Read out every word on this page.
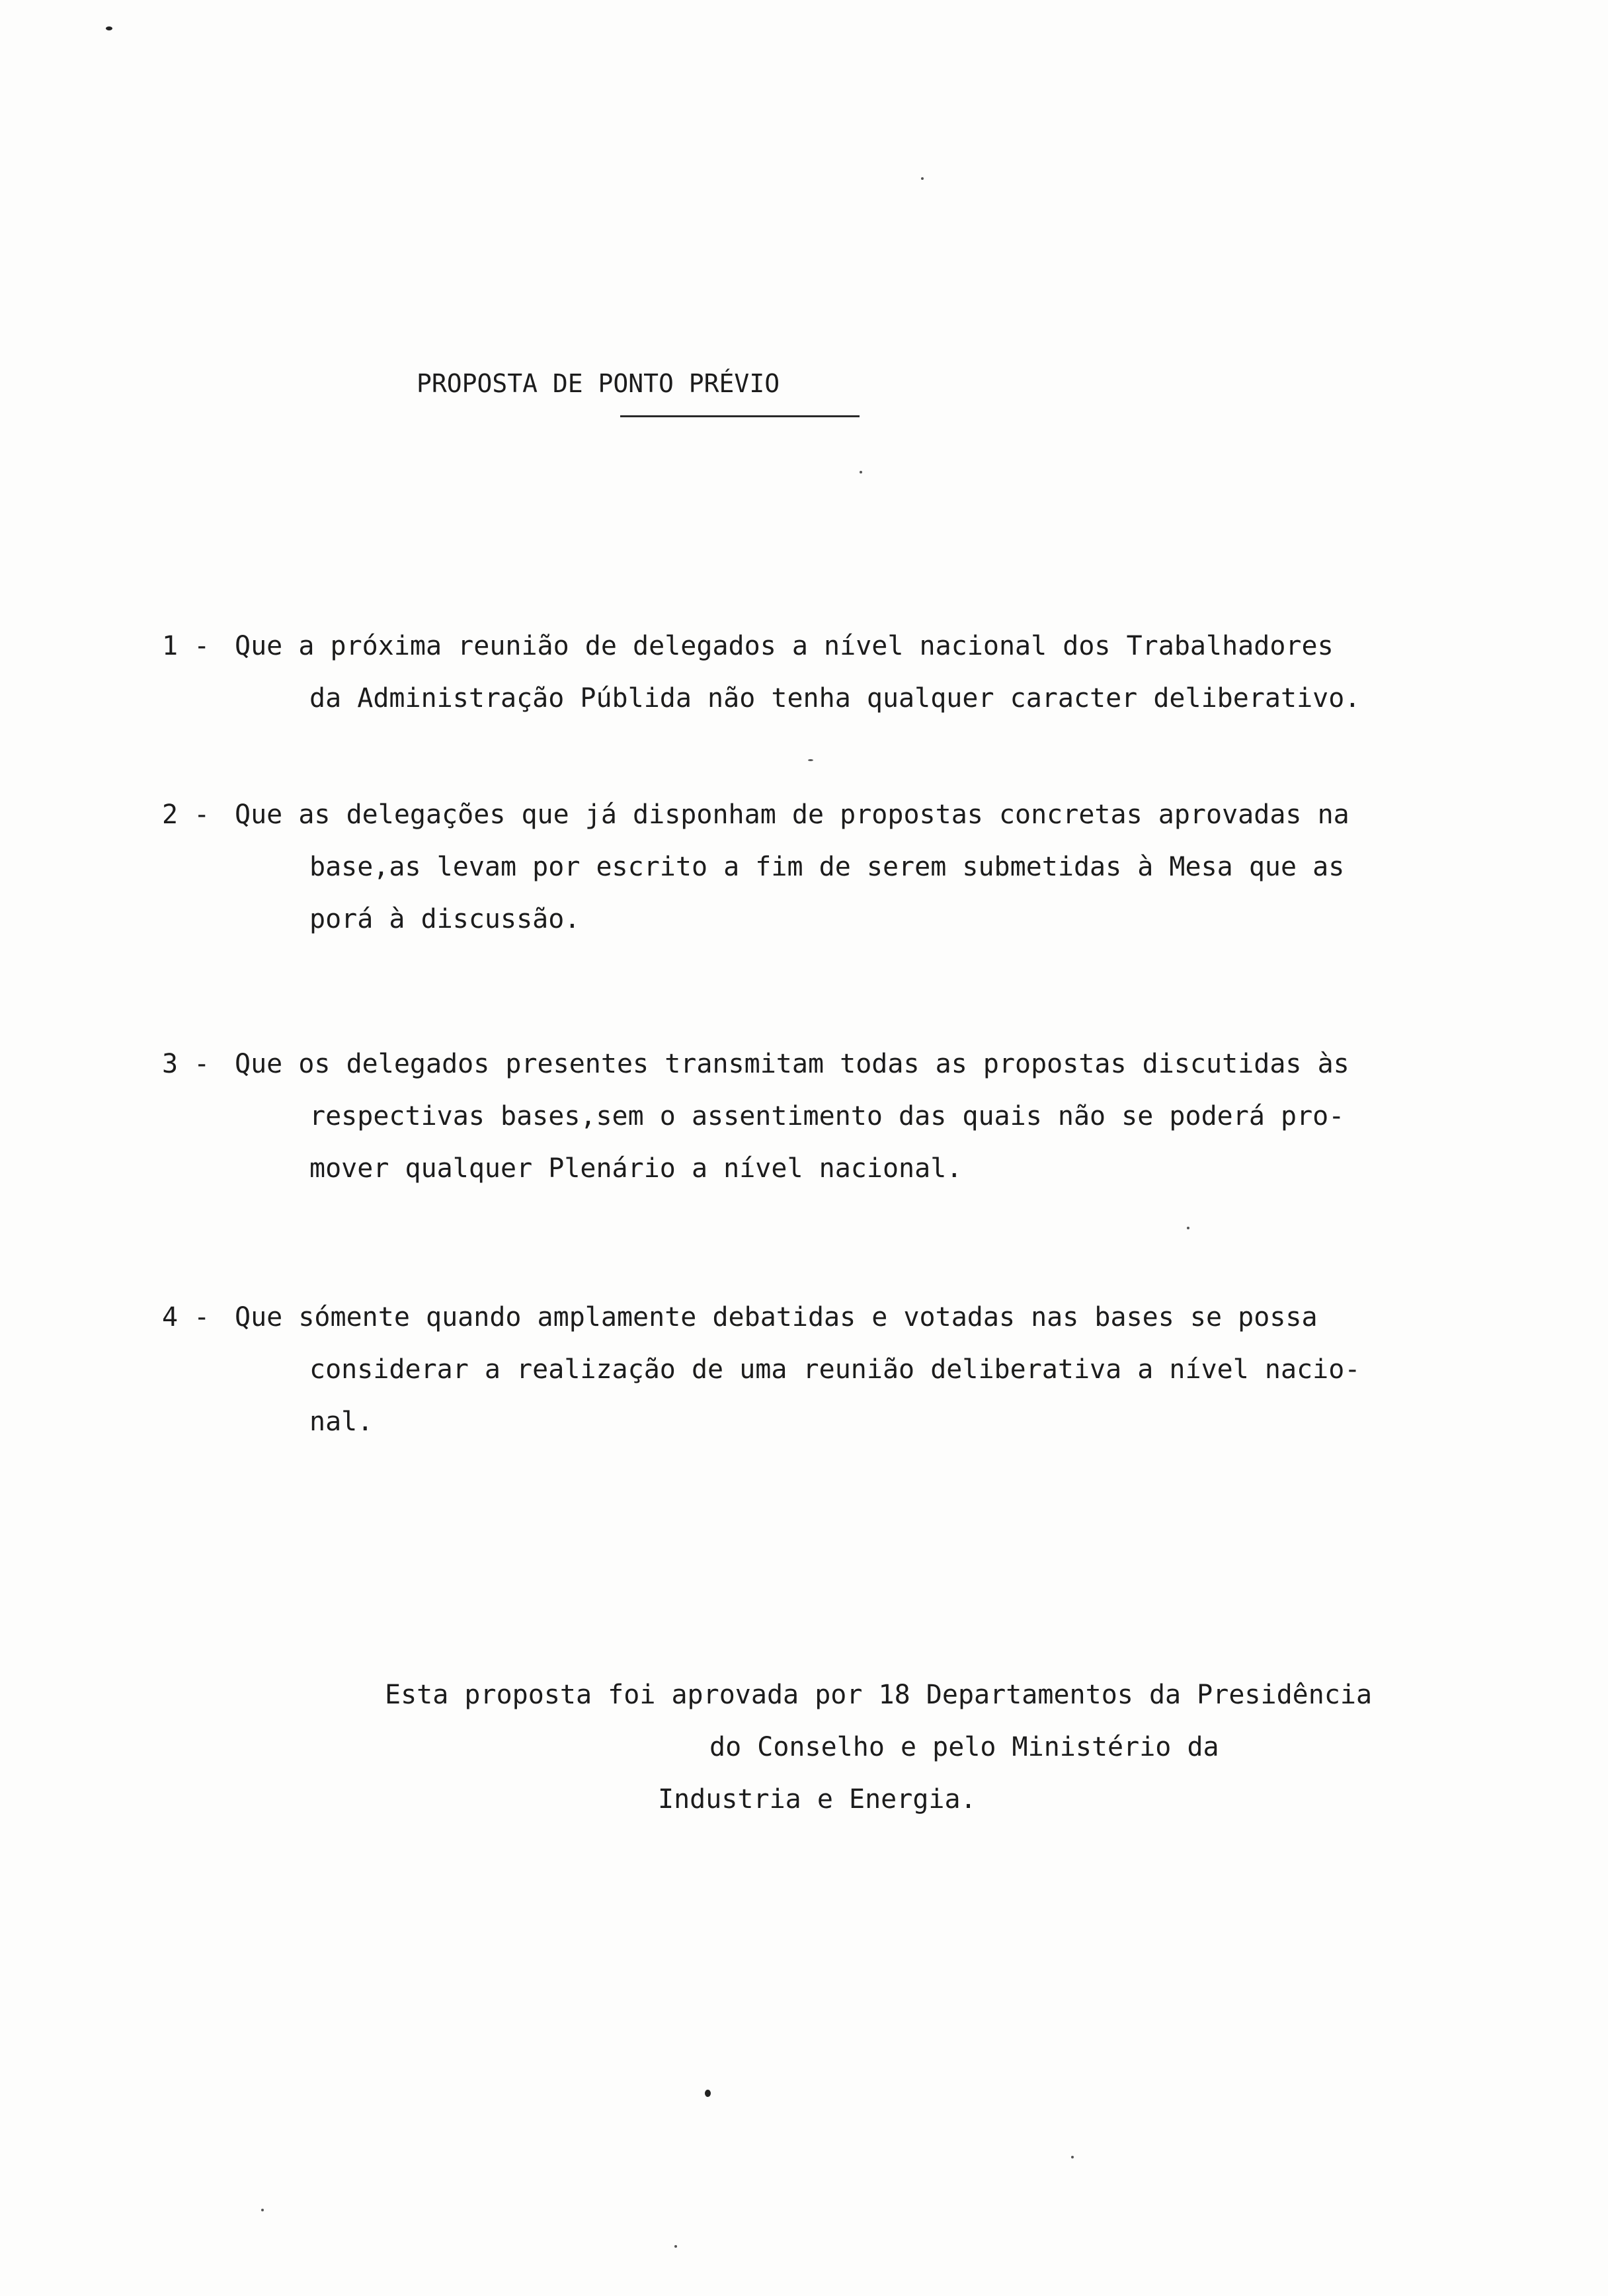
PROPOSTA DE PONTO PRÉVIO
1 - Que a próxima reunião de delegados a nível nacional dos Trabalhadores
da Administração Públida não tenha qualquer caracter deliberativo.
2 - Que as delegações que já disponham de propostas concretas aprovadas na
base,as levam por escrito a fim de serem submetidas à Mesa que as
porá à discussão.
3 - Que os delegados presentes transmitam todas as propostas discutidas às
respectivas bases,sem o assentimento das quais não se poderá pro-
mover qualquer Plenário a nível nacional.
4 - Que sómente quando amplamente debatidas e votadas nas bases se possa
considerar a realização de uma reunião deliberativa a nível nacio-
nal.
Esta proposta foi aprovada por 18 Departamentos da Presidência
do Conselho e pelo Ministério da
Industria e Energia.
